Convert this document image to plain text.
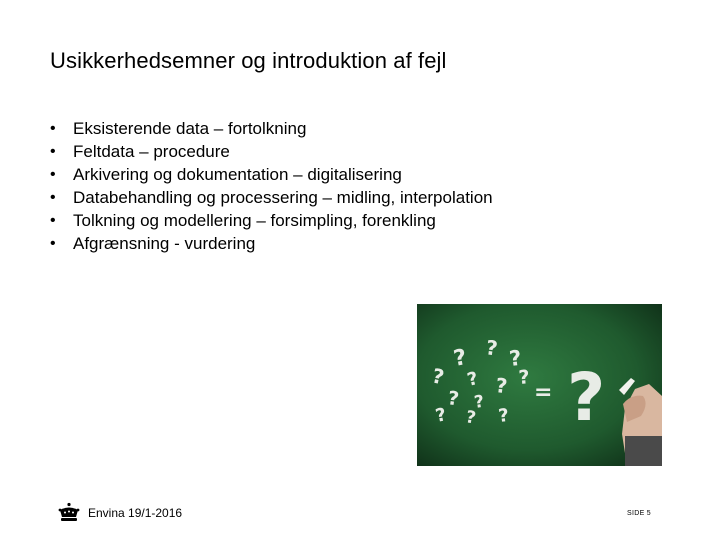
Usikkerhedsemner og introduktion af fejl
• Eksisterende data – fortolkning
• Feltdata – procedure
• Arkivering og dokumentation – digitalisering
• Databehandling og processering – midling, interpolation
• Tolkning og modellering – forsimpling, forenkling
• Afgrænsning - vurdering
? ? ?
? ? ? ?
? ?
? ? ?
= ?
Envina 19/1-2016	SIDE 5
